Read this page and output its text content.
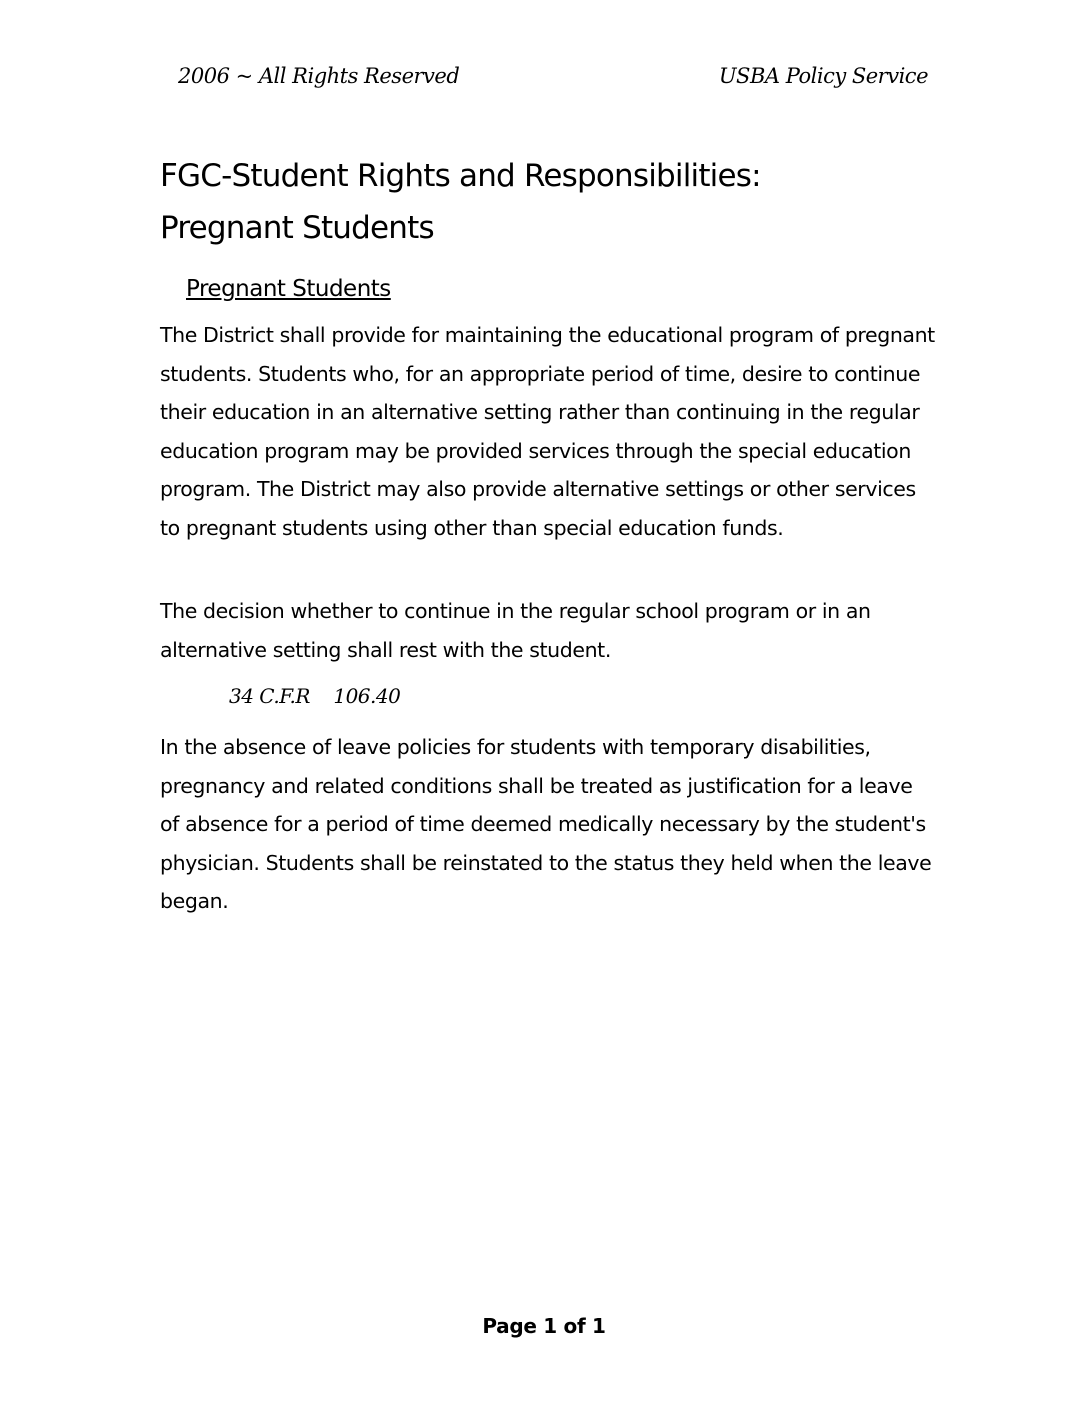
2006 ~ All Rights Reserved	USBA Policy Service
FGC-Student Rights and Responsibilities: Pregnant Students
Pregnant Students

The District shall provide for maintaining the educational program of pregnant students. Students who, for an appropriate period of time, desire to continue their education in an alternative setting rather than continuing in the regular education program may be provided services through the special education program. The District may also provide alternative settings or other services to pregnant students using other than special education funds.

The decision whether to continue in the regular school program or in an alternative setting shall rest with the student.

34 C.F.R    106.40

In the absence of leave policies for students with temporary disabilities, pregnancy and related conditions shall be treated as justification for a leave of absence for a period of time deemed medically necessary by the student's physician. Students shall be reinstated to the status they held when the leave began.

Page 1 of 1
